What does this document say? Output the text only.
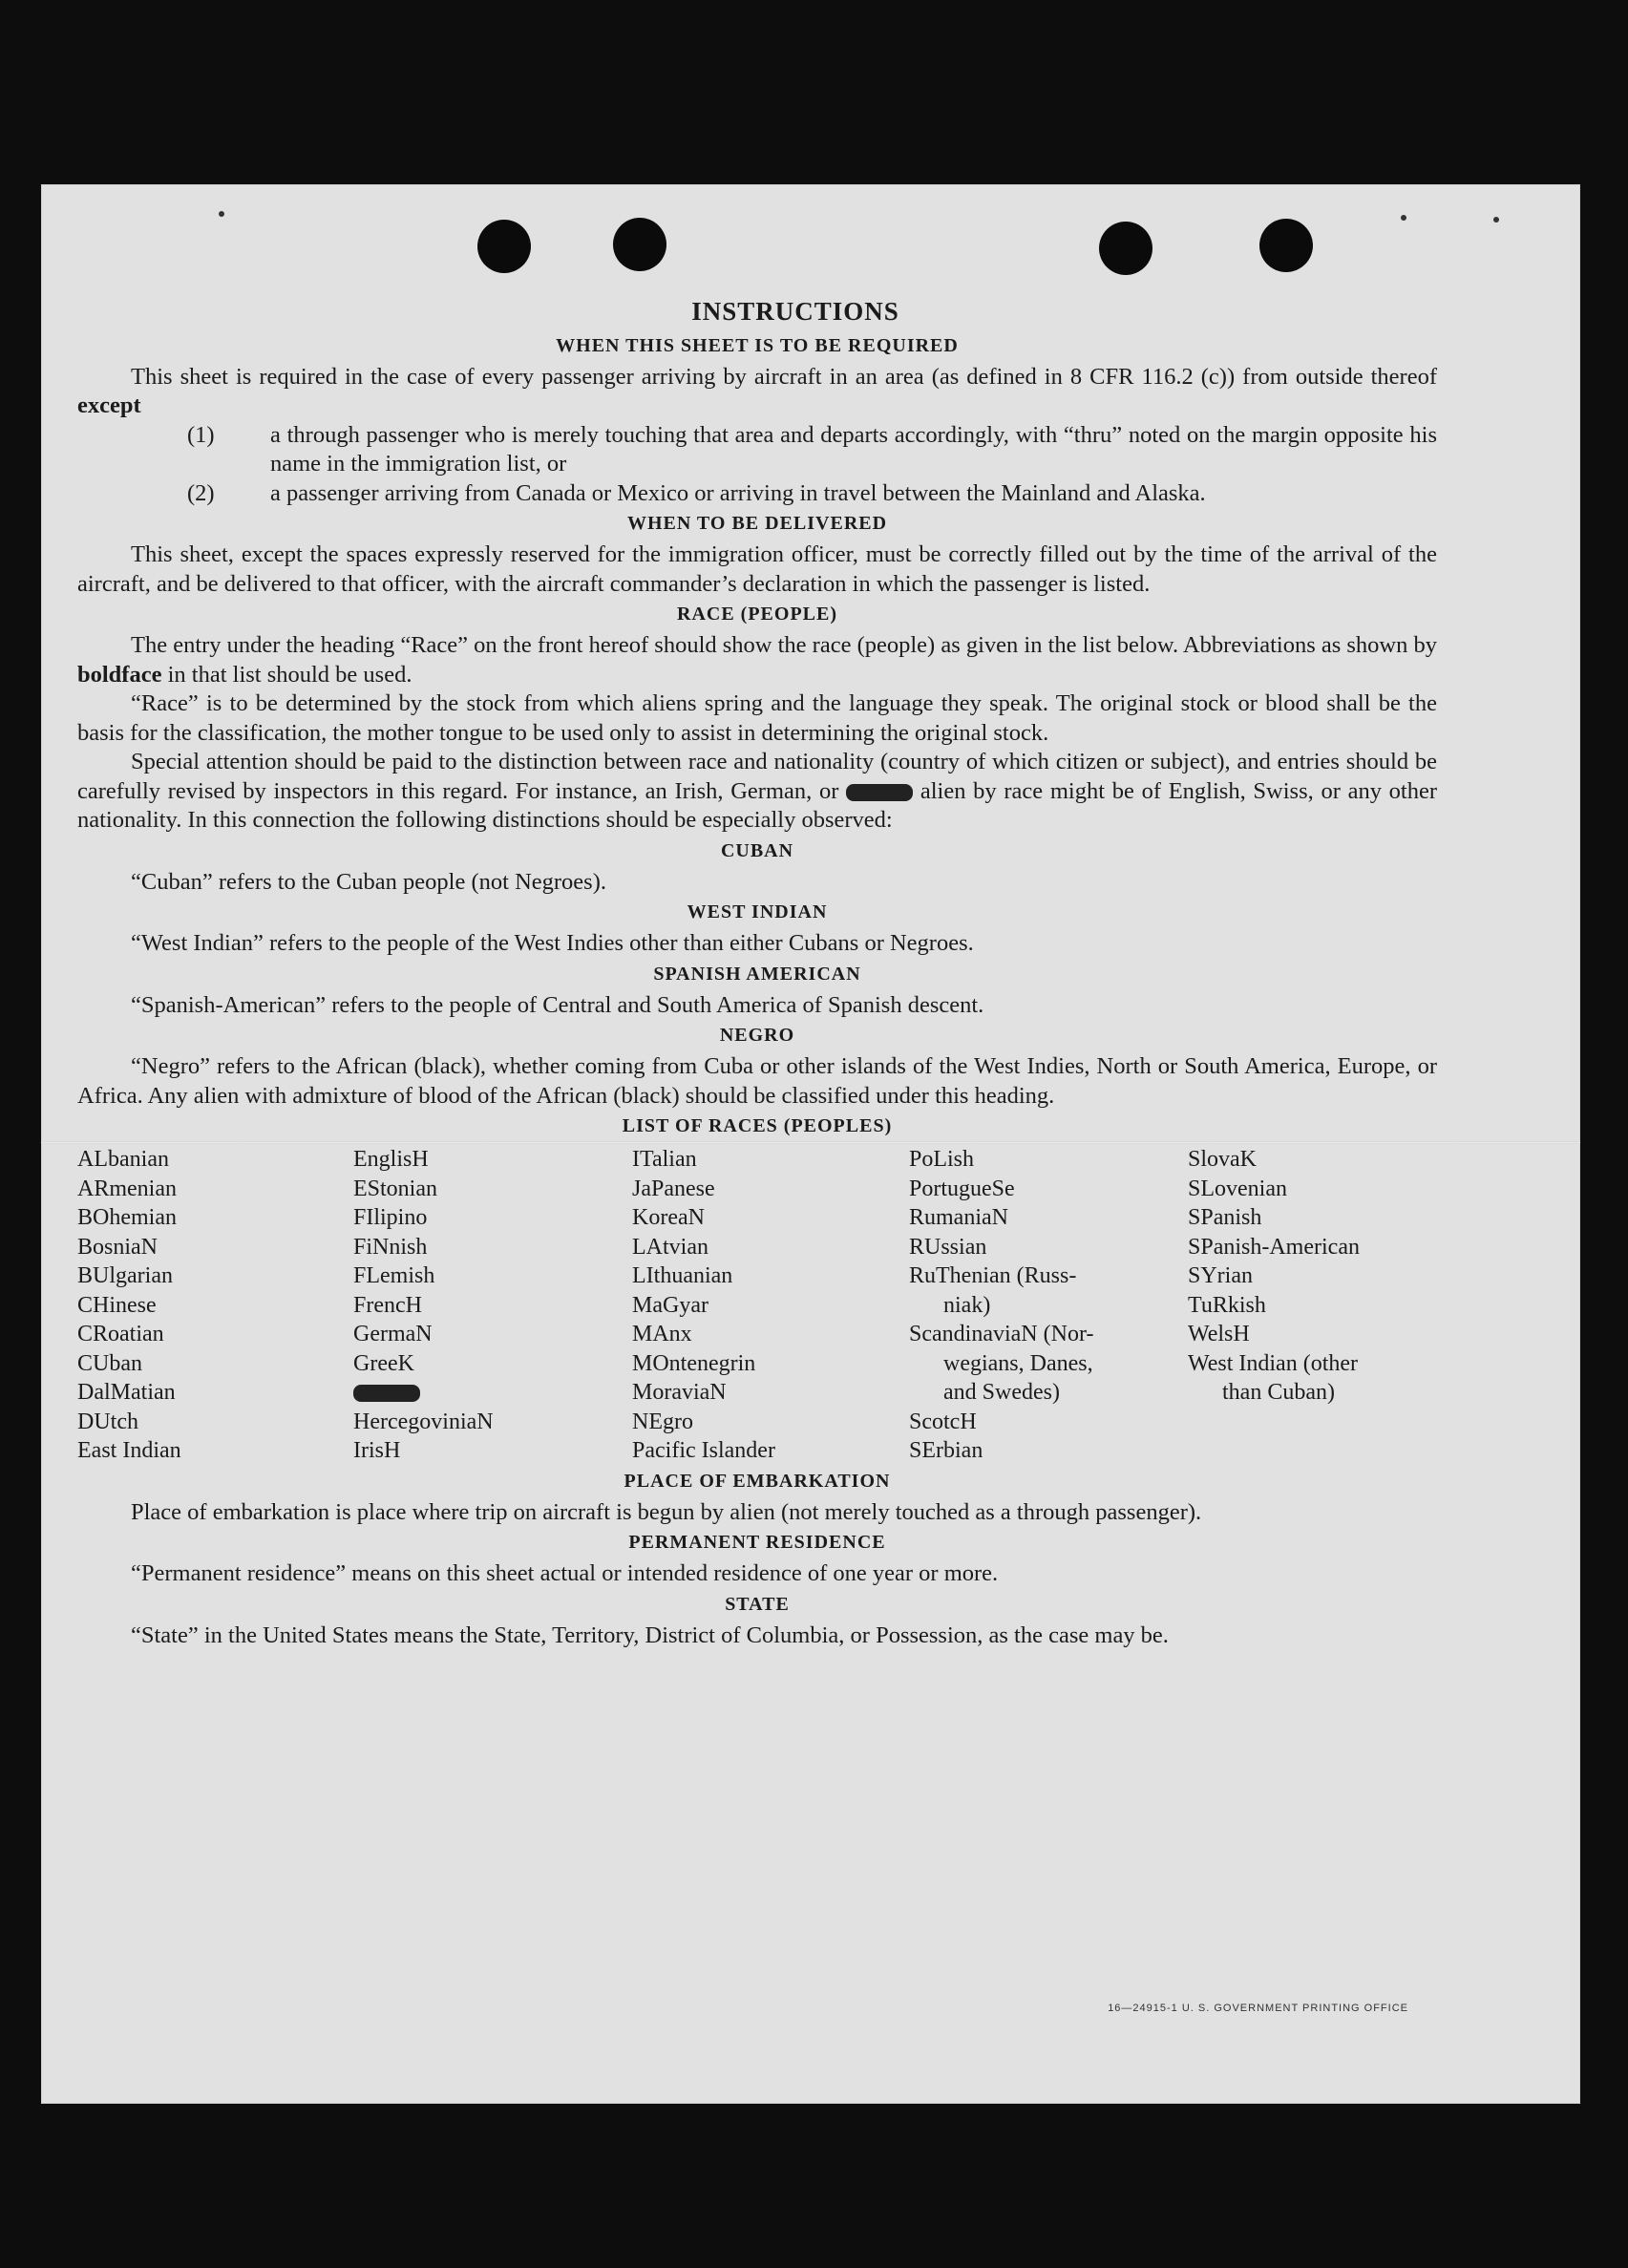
INSTRUCTIONS
WHEN THIS SHEET IS TO BE REQUIRED

This sheet is required in the case of every passenger arriving by aircraft in an area (as defined in 8 CFR 116.2 (c)) from outside thereof except

(1) a through passenger who is merely touching that area and departs accordingly, with “thru” noted on the margin opposite his name in the immigration list, or

(2) a passenger arriving from Canada or Mexico or arriving in travel between the Mainland and Alaska.

WHEN TO BE DELIVERED

This sheet, except the spaces expressly reserved for the immigration officer, must be correctly filled out by the time of the arrival of the aircraft, and be delivered to that officer, with the aircraft commander’s declaration in which the passenger is listed.

RACE (PEOPLE)

The entry under the heading “Race” on the front hereof should show the race (people) as given in the list below. Abbreviations as shown by boldface in that list should be used.

“Race” is to be determined by the stock from which aliens spring and the language they speak. The original stock or blood shall be the basis for the classification, the mother tongue to be used only to assist in determining the original stock.

Special attention should be paid to the distinction between race and nationality (country of which citizen or subject), and entries should be carefully revised by inspectors in this regard. For instance, an Irish, German, or	alien by race might be of English, Swiss, or any other nationality. In this connection the following distinctions should be especially observed:

CUBAN

“Cuban” refers to the Cuban people (not Negroes).

WEST INDIAN

“West Indian” refers to the people of the West Indies other than either Cubans or Negroes.

SPANISH AMERICAN

“Spanish-American” refers to the people of Central and South America of Spanish descent.

NEGRO

“Negro” refers to the African (black), whether coming from Cuba or other islands of the West Indies, North or South America, Europe, or Africa. Any alien with admixture of blood of the African (black) should be classified under this heading.

LIST OF RACES (PEOPLES)
ALbanian
ARmenian
BOhemian
BosniaN
BUlgarian
CHinese
CRoatian
CUban
DalMatian
DUtch
East Indian
EnglisH
EStonian
FIlipino
FiNnish
FLemish
FrencH
GermaN
GreeK
HercegoviniaN
IrisH
ITalian
JaPanese
KoreaN
LAtvian
LIthuanian
MaGyar
MAnx
MOntenegrin
MoraviaN
NEgro
Pacific Islander
PoLish
PortugueSe
RumaniaN
RUssian
RuThenian (Russ-
  niak)
ScandinaviaN (Nor-
  wegians, Danes,
  and Swedes)
ScotcH
SErbian
SlovaK
SLovenian
SPanish
SPanish-American
SYrian
TuRkish
WelsH
West Indian (other
  than Cuban)
PLACE OF EMBARKATION

Place of embarkation is place where trip on aircraft is begun by alien (not merely touched as a through passenger).

PERMANENT RESIDENCE

“Permanent residence” means on this sheet actual or intended residence of one year or more.

STATE

“State” in the United States means the State, Territory, District of Columbia, or Possession, as the case may be.

16—24915-1 U. S. GOVERNMENT PRINTING OFFICE
